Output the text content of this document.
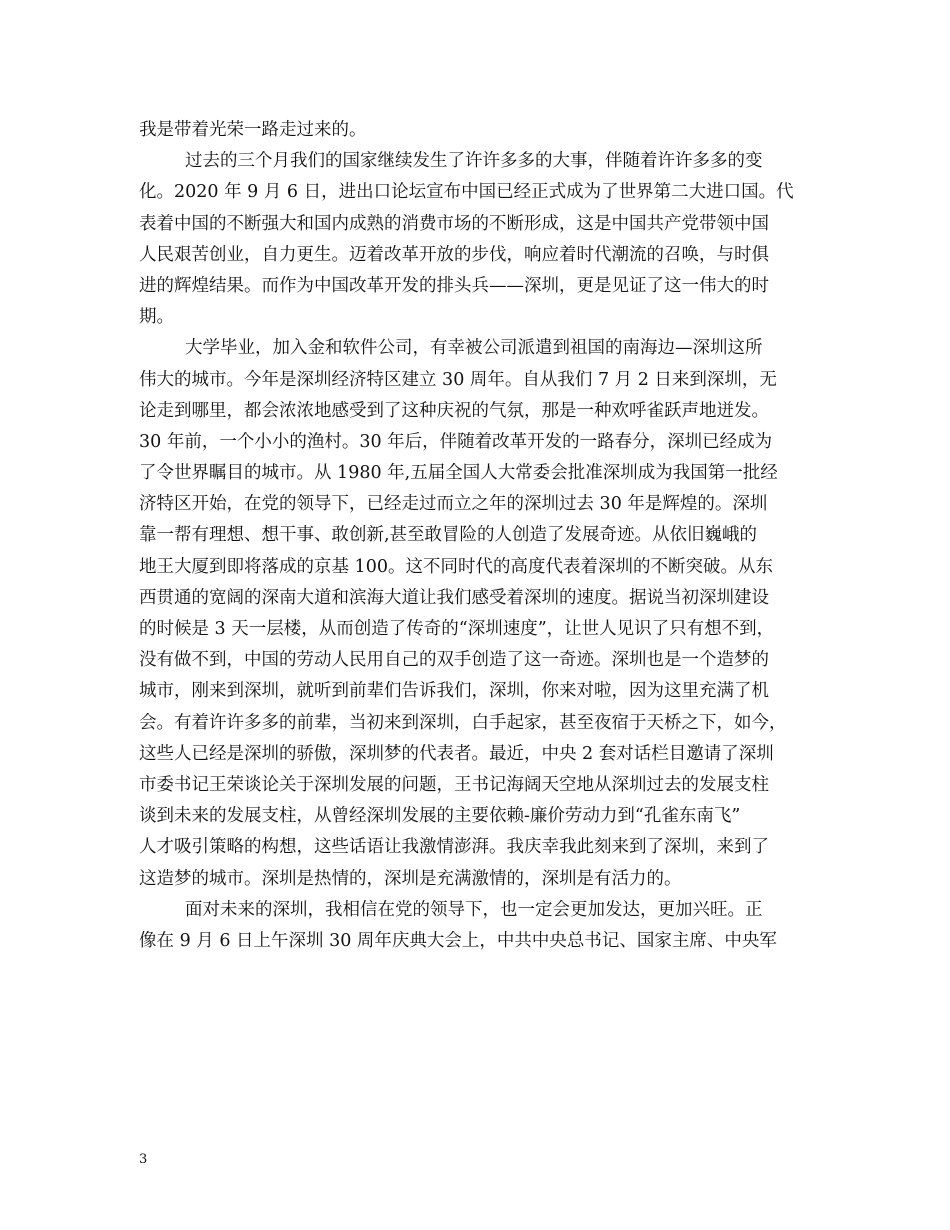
我是带着光荣一路走过来的。
过去的三个月我们的国家继续发生了许许多多的大事，伴随着许许多多的变
化。2020 年 9 月 6 日，进出口论坛宣布中国已经正式成为了世界第二大进口国。代
表着中国的不断强大和国内成熟的消费市场的不断形成，这是中国共产党带领中国
人民艰苦创业，自力更生。迈着改革开放的步伐，响应着时代潮流的召唤，与时俱
进的辉煌结果。而作为中国改革开发的排头兵——深圳，更是见证了这一伟大的时
期。
大学毕业，加入金和软件公司，有幸被公司派遣到祖国的南海边—深圳这所
伟大的城市。今年是深圳经济特区建立 30 周年。自从我们 7 月 2 日来到深圳，无
论走到哪里，都会浓浓地感受到了这种庆祝的气氛，那是一种欢呼雀跃声地迸发。
30 年前，一个小小的渔村。30 年后，伴随着改革开发的一路春分，深圳已经成为
了令世界瞩目的城市。从 1980 年,五届全国人大常委会批准深圳成为我国第一批经
济特区开始，在党的领导下，已经走过而立之年的深圳过去 30 年是辉煌的。深圳
靠一帮有理想、想干事、敢创新,甚至敢冒险的人创造了发展奇迹。从依旧巍峨的
地王大厦到即将落成的京基 100。这不同时代的高度代表着深圳的不断突破。从东
西贯通的宽阔的深南大道和滨海大道让我们感受着深圳的速度。据说当初深圳建设
的时候是 3 天一层楼，从而创造了传奇的“深圳速度”，让世人见识了只有想不到，
没有做不到，中国的劳动人民用自己的双手创造了这一奇迹。深圳也是一个造梦的
城市，刚来到深圳，就听到前辈们告诉我们，深圳，你来对啦，因为这里充满了机
会。有着许许多多的前辈，当初来到深圳，白手起家，甚至夜宿于天桥之下，如今，
这些人已经是深圳的骄傲，深圳梦的代表者。最近，中央 2 套对话栏目邀请了深圳
市委书记王荣谈论关于深圳发展的问题，王书记海阔天空地从深圳过去的发展支柱
谈到未来的发展支柱，从曾经深圳发展的主要依赖-廉价劳动力到“孔雀东南飞”
人才吸引策略的构想，这些话语让我激情澎湃。我庆幸我此刻来到了深圳，来到了
这造梦的城市。深圳是热情的，深圳是充满激情的，深圳是有活力的。
面对未来的深圳，我相信在党的领导下，也一定会更加发达，更加兴旺。正
像在 9 月 6 日上午深圳 30 周年庆典大会上，中共中央总书记、国家主席、中央军
3
